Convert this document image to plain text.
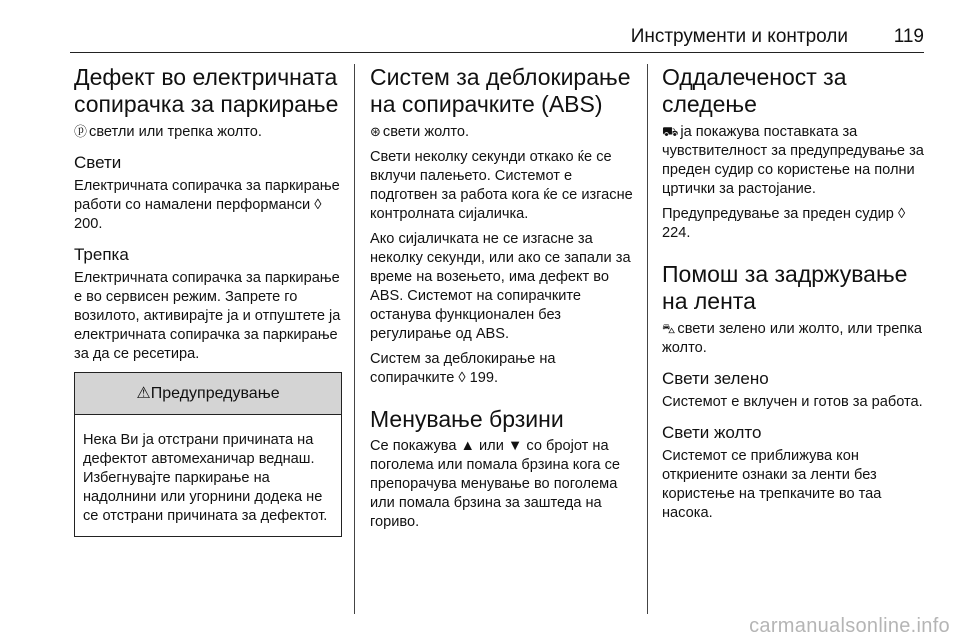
Инструменти и контроли 119
Дефект во електричната сопирачка за паркирање

ⓟ светли или трепка жолто.

Свети

Електричната сопирачка за паркирање работи со намалени перформанси ◊ 200.

Трепка

Електричната сопирачка за паркирање е во сервисен режим. Запрете го возилото, активирајте ја и отпуштете ја електричната сопирачка за паркирање за да се ресетира.

⚠Предупредување

Нека Ви ја отстрани причината на дефектот автомеханичар веднаш. Избегнувајте паркирање на надолнини или угорнини додека не се отстрани причината за дефектот.

Систем за деблокирање на сопирачките (ABS)

⊛ свети жолто.

Свети неколку секунди откако ќе се вклучи палењето. Системот е подготвен за работа кога ќе се изгасне контролната сијаличка.

Ако сијаличката не се изгасне за неколку секунди, или ако се запали за време на возењето, има дефект во ABS. Системот на сопирачките останува функционален без регулирање од ABS.

Систем за деблокирање на сопирачките ◊ 199.

Менување брзини

Се покажува ▲ или ▼ со бројот на поголема или помала брзина кога се препорачува менување во поголема или помала брзина за заштеда на гориво.

Оддалеченост за следење

⛟ ја покажува поставката за чувствителност за предупредување за преден судир со користење на полни цртички за растојание.

Предупредување за преден судир ◊ 224.

Помош за задржување на лента

⛍ свети зелено или жолто, или трепка жолто.

Свети зелено

Системот е вклучен и готов за работа.

Свети жолто

Системот се приближува кон откриените ознаки за ленти без користење на трепкачите во таа насока.

carmanualsonline.info
